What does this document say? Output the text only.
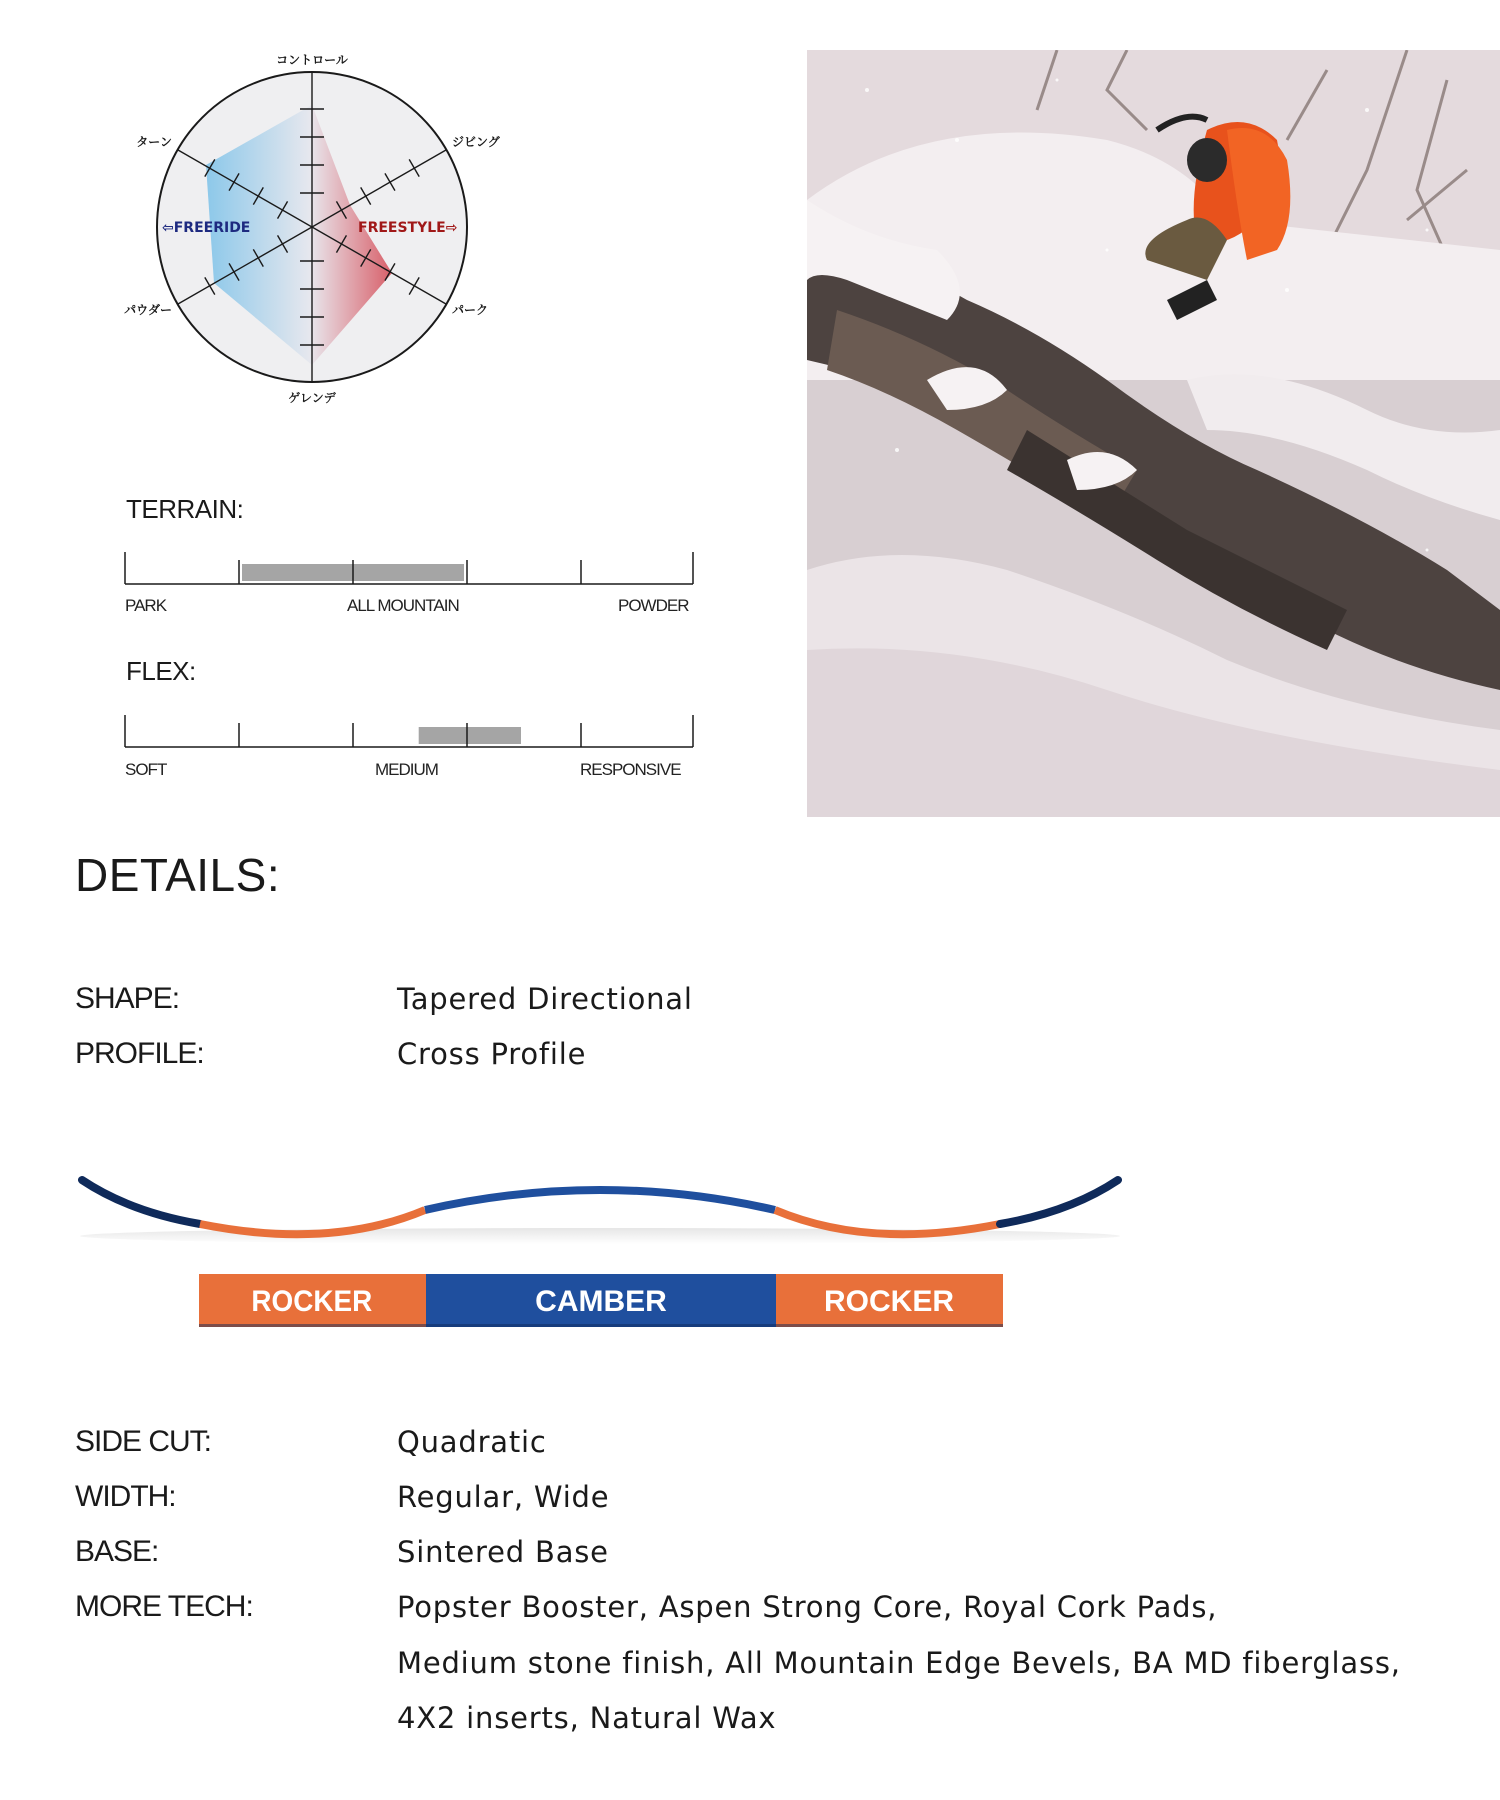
⇦FREERIDE	FREESTYLE⇨
コントロール
ターン	ジビング
パウダー	パーク
ゲレンデ
TERRAIN:
PARK	ALL MOUNTAIN	POWDER
FLEX:
SOFT	MEDIUM	RESPONSIVE
DETAILS:
SHAPE:	Tapered Directional
PROFILE:	Cross Profile
ROCKER	CAMBER	ROCKER
SIDE CUT:	Quadratic
WIDTH:	Regular, Wide
BASE:	Sintered Base
MORE TECH:	Popster Booster, Aspen Strong Core, Royal Cork Pads,
Medium stone finish, All Mountain Edge Bevels, BA MD fiberglass,
4X2 inserts, Natural Wax
